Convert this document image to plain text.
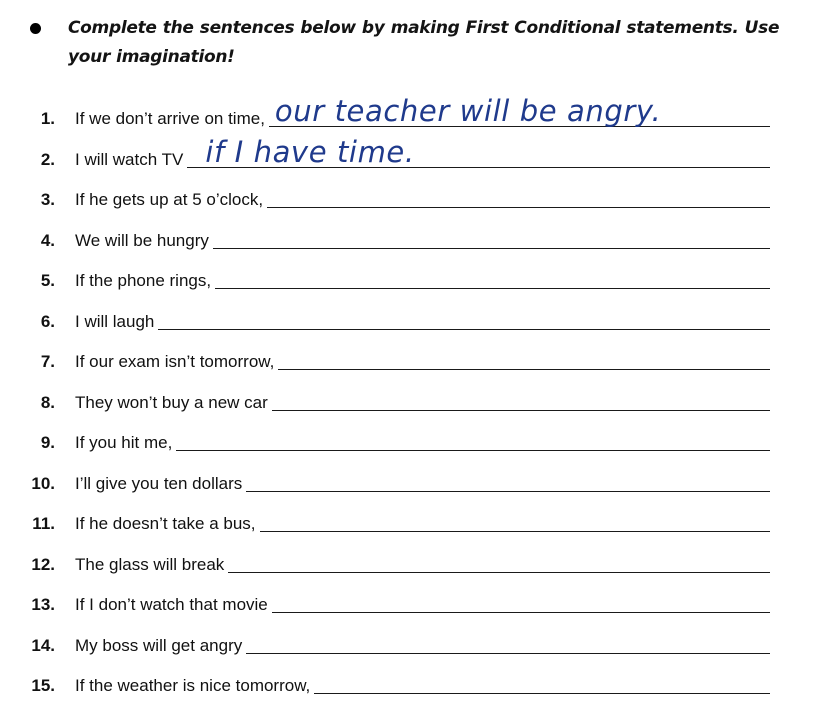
Complete the sentences below by making First Conditional statements. Use your imagination!
1. If we don’t arrive on time, our teacher will be angry.
2. I will watch TV if I have time.
3. If he gets up at 5 o’clock,
4. We will be hungry
5. If the phone rings,
6. I will laugh
7. If our exam isn’t tomorrow,
8. They won’t buy a new car
9. If you hit me,
10. I’ll give you ten dollars
11. If he doesn’t take a bus,
12. The glass will break
13. If I don’t watch that movie
14. My boss will get angry
15. If the weather is nice tomorrow,
